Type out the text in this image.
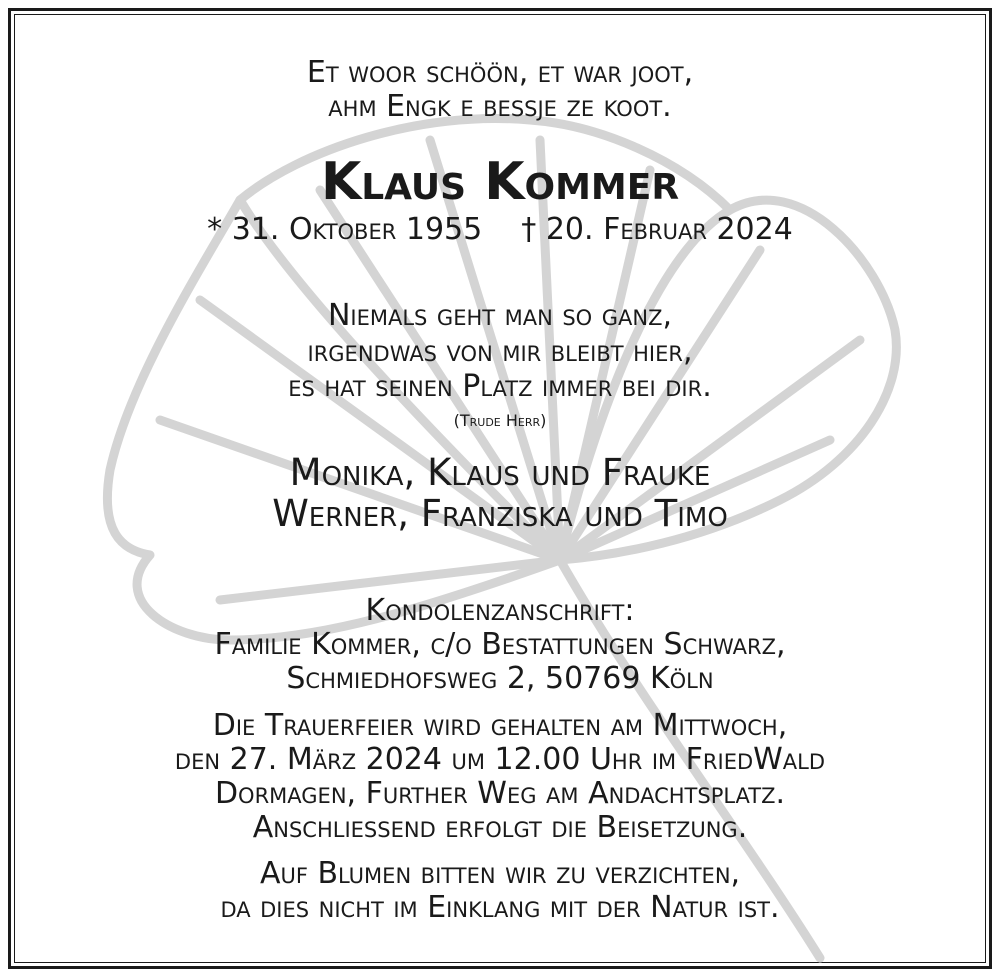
Et woor schöön, et war joot,
ahm Engk e bessje ze koot.
Klaus Kommer
* 31. Oktober 1955 † 20. Februar 2024
Niemals geht man so ganz,
irgendwas von mir bleibt hier,
es hat seinen Platz immer bei dir.
(Trude Herr)
Monika, Klaus und Frauke
Werner, Franziska und Timo
Kondolenzanschrift:
Familie Kommer, c/o Bestattungen Schwarz,
Schmiedhofsweg 2, 50769 Köln
Die Trauerfeier wird gehalten am Mittwoch,
den 27. März 2024 um 12.00 Uhr im FriedWald
Dormagen, Further Weg am Andachtsplatz.
Anschliessend erfolgt die Beisetzung.
Auf Blumen bitten wir zu verzichten,
da dies nicht im Einklang mit der Natur ist.
